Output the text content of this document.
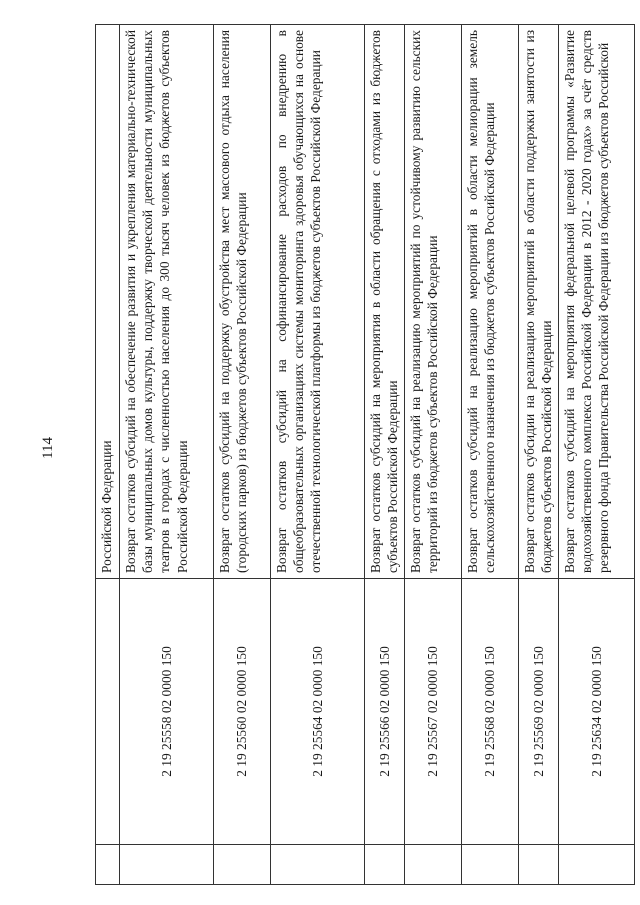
114
			Российской Федерации
	2 19 25558 02 0000 150	Возврат остатков субсидий на обеспечение развития и укрепления материально-технической базы муниципальных домов культуры, поддержку творческой деятельности муниципальных театров в городах с численностью населения до 300 тысяч человек из бюджетов субъектов Российской Федерации
	2 19 25560 02 0000 150	Возврат остатков субсидий на поддержку обустройства мест массового отдыха населения (городских парков) из бюджетов субъектов Российской Федерации
	2 19 25564 02 0000 150	Возврат остатков субсидий на софинансирование расходов по внедрению в общеобразовательных организациях системы мониторинга здоровья обучающихся на основе отечественной технологической платформы из бюджетов субъектов Российской Федерации
	2 19 25566 02 0000 150	Возврат остатков субсидий на мероприятия в области обращения с отходами из бюджетов субъектов Российской Федерации
	2 19 25567 02 0000 150	Возврат остатков субсидий на реализацию мероприятий по устойчивому развитию сельских территорий из бюджетов субъектов Российской Федерации
	2 19 25568 02 0000 150	Возврат остатков субсидий на реализацию мероприятий в области мелиорации земель сельскохозяйственного назначения из бюджетов субъектов Российской Федерации
	2 19 25569 02 0000 150	Возврат остатков субсидии на реализацию мероприятий в области поддержки занятости из бюджетов субъектов Российской Федерации
	2 19 25634 02 0000 150	Возврат остатков субсидий на мероприятия федеральной целевой программы «Развитие водохозяйственного комплекса Российской Федерации в 2012 - 2020 годах» за счёт средств резервного фонда Правительства Российской Федерации из бюджетов субъектов Российской
